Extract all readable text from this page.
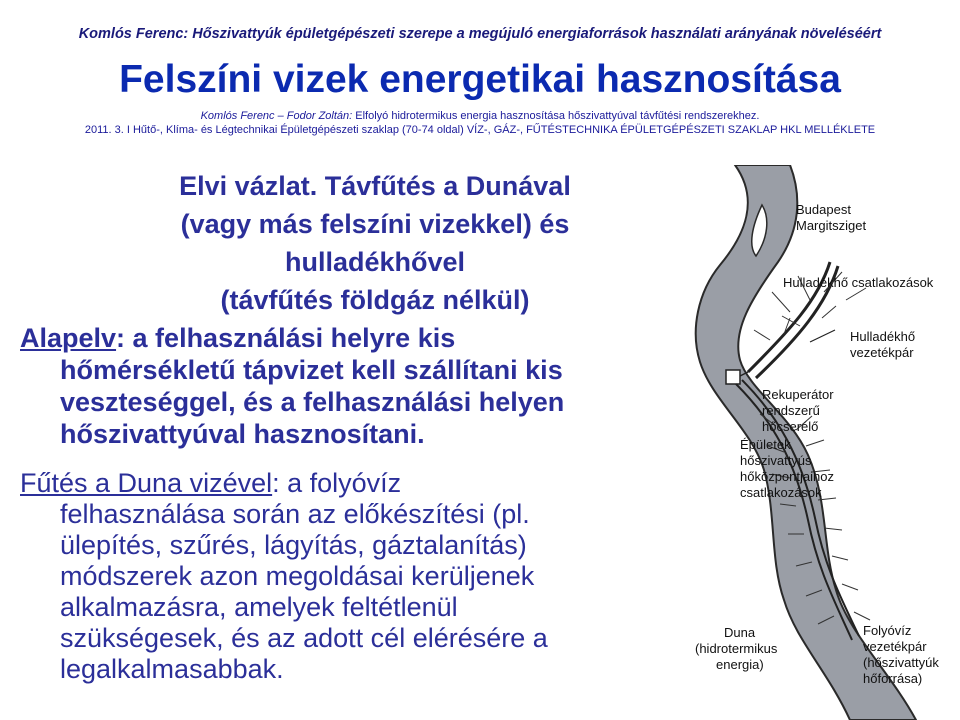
Komlós Ferenc: Hőszivattyúk épületgépészeti szerepe a megújuló energiaforrások használati arányának növeléséért
Felszíni vizek energetikai hasznosítása
Komlós Ferenc – Fodor Zoltán: Elfolyó hidrotermikus energia hasznosítása hőszivattyúval távfűtési rendszerekhez.
2011. 3. I Hűtő-, Klíma- és Légtechnikai Épületgépészeti szaklap (70-74 oldal) VÍZ-, GÁZ-, FŰTÉSTECHNIKA ÉPÜLETGÉPÉSZETI SZAKLAP HKL MELLÉKLETE
Elvi vázlat. Távfűtés a Dunával
(vagy más felszíni vizekkel) és
hulladékhővel
(távfűtés földgáz nélkül)
Alapelv: a felhasználási helyre kis
hőmérsékletű tápvizet kell szállítani kis
veszteséggel, és a felhasználási helyen
hőszivattyúval hasznosítani.
Fűtés a Duna vizével: a folyóvíz
felhasználása során az előkészítési (pl.
ülepítés, szűrés, lágyítás, gáztalanítás)
módszerek azon megoldásai kerüljenek
alkalmazásra, amelyek feltétlenül
szükségesek, és az adott cél elérésére a
legalkalmasabbak.
Budapest
Margitsziget
Hulladékhő csatlakozások
Hulladékhő
vezetékpár
Rekuperátor
rendszerű
hőcserélő
Épületek
hőszivattyús
hőközpontjaihoz
csatlakozások
Duna
(hidrotermikus
energia)
Folyóvíz
vezetékpár
(hőszivattyúk
hőforrása)
